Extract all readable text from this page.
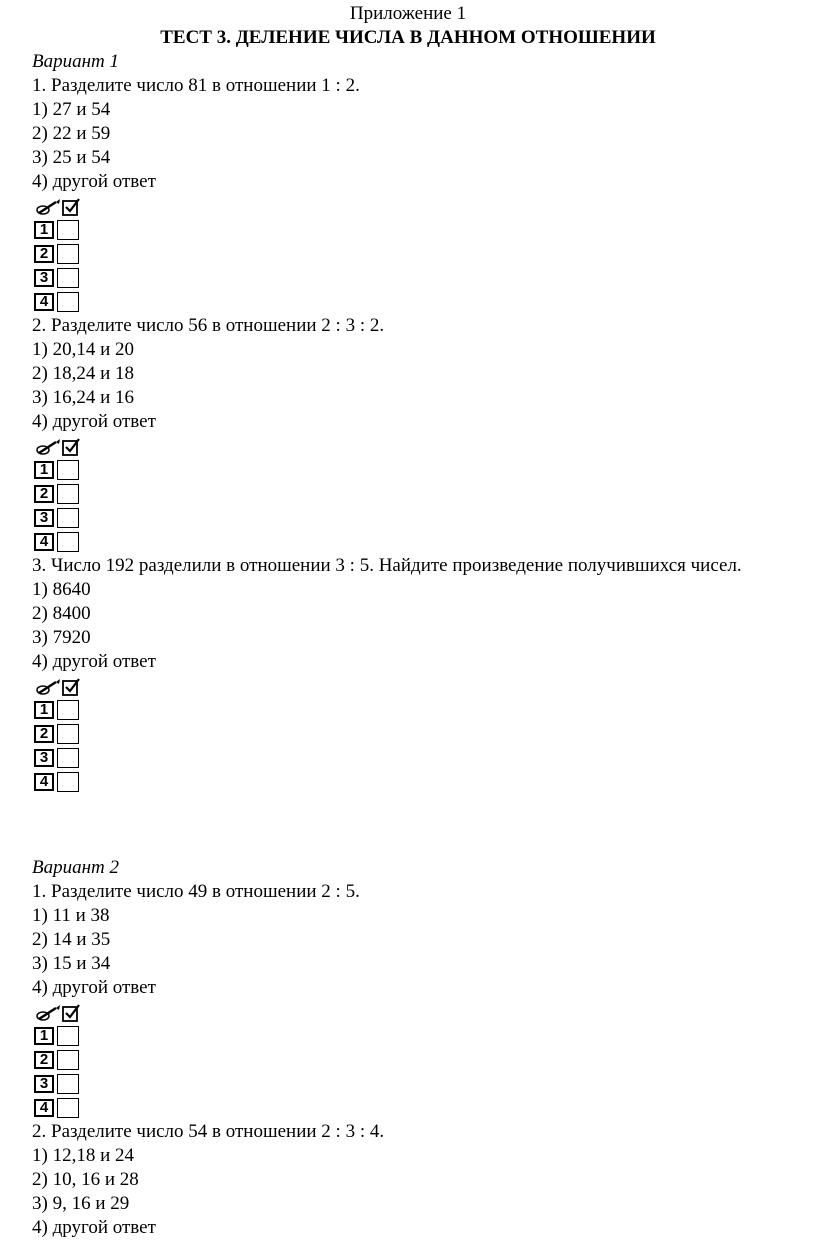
Приложение 1
ТЕСТ 3. ДЕЛЕНИЕ ЧИСЛА В ДАННОМ ОТНОШЕНИИ
Вариант 1
1. Разделите число 81 в отношении 1 : 2.
1) 27 и 54
2) 22 и 59
3) 25 и 54
4) другой ответ
1
2
3
4
2. Разделите число 56 в отношении 2 : 3 : 2.
1) 20,14 и 20
2) 18,24 и 18
3) 16,24 и 16
4) другой ответ
1
2
3
4
3. Число 192 разделили в отношении 3 : 5. Найдите произведение получившихся чисел.
1) 8640
2) 8400
3) 7920
4) другой ответ
1
2
3
4
Вариант 2
1. Разделите число 49 в отношении 2 : 5.
1) 11 и 38
2) 14 и 35
3) 15 и 34
4) другой ответ
1
2
3
4
2. Разделите число 54 в отношении 2 : 3 : 4.
1) 12,18 и 24
2) 10, 16 и 28
3) 9, 16 и 29
4) другой ответ
